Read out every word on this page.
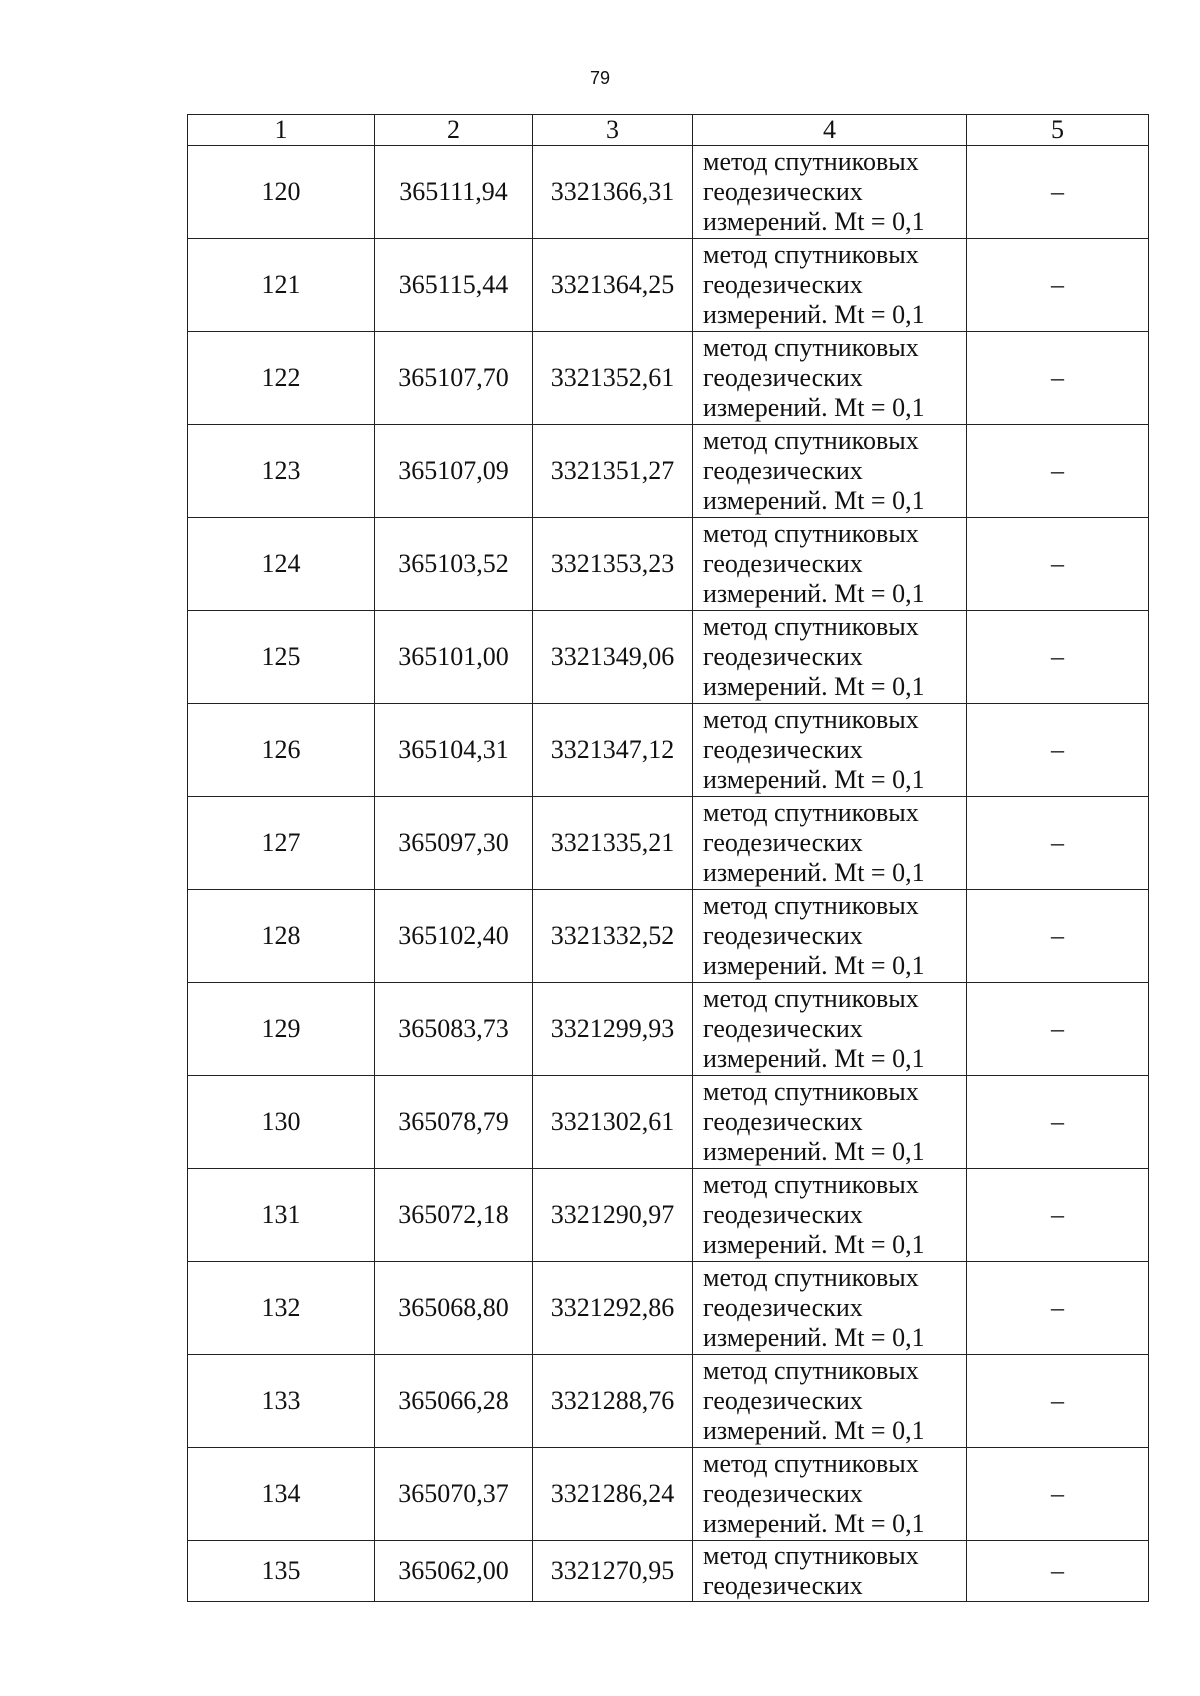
79
1	2	3	4	5
120	365111,94	3321366,31	метод спутниковых
геодезических
измерений. Mt = 0,1	–
121	365115,44	3321364,25	метод спутниковых
геодезических
измерений. Mt = 0,1	–
122	365107,70	3321352,61	метод спутниковых
геодезических
измерений. Mt = 0,1	–
123	365107,09	3321351,27	метод спутниковых
геодезических
измерений. Mt = 0,1	–
124	365103,52	3321353,23	метод спутниковых
геодезических
измерений. Mt = 0,1	–
125	365101,00	3321349,06	метод спутниковых
геодезических
измерений. Mt = 0,1	–
126	365104,31	3321347,12	метод спутниковых
геодезических
измерений. Mt = 0,1	–
127	365097,30	3321335,21	метод спутниковых
геодезических
измерений. Mt = 0,1	–
128	365102,40	3321332,52	метод спутниковых
геодезических
измерений. Mt = 0,1	–
129	365083,73	3321299,93	метод спутниковых
геодезических
измерений. Mt = 0,1	–
130	365078,79	3321302,61	метод спутниковых
геодезических
измерений. Mt = 0,1	–
131	365072,18	3321290,97	метод спутниковых
геодезических
измерений. Mt = 0,1	–
132	365068,80	3321292,86	метод спутниковых
геодезических
измерений. Mt = 0,1	–
133	365066,28	3321288,76	метод спутниковых
геодезических
измерений. Mt = 0,1	–
134	365070,37	3321286,24	метод спутниковых
геодезических
измерений. Mt = 0,1	–
135	365062,00	3321270,95	метод спутниковых
геодезических	–
